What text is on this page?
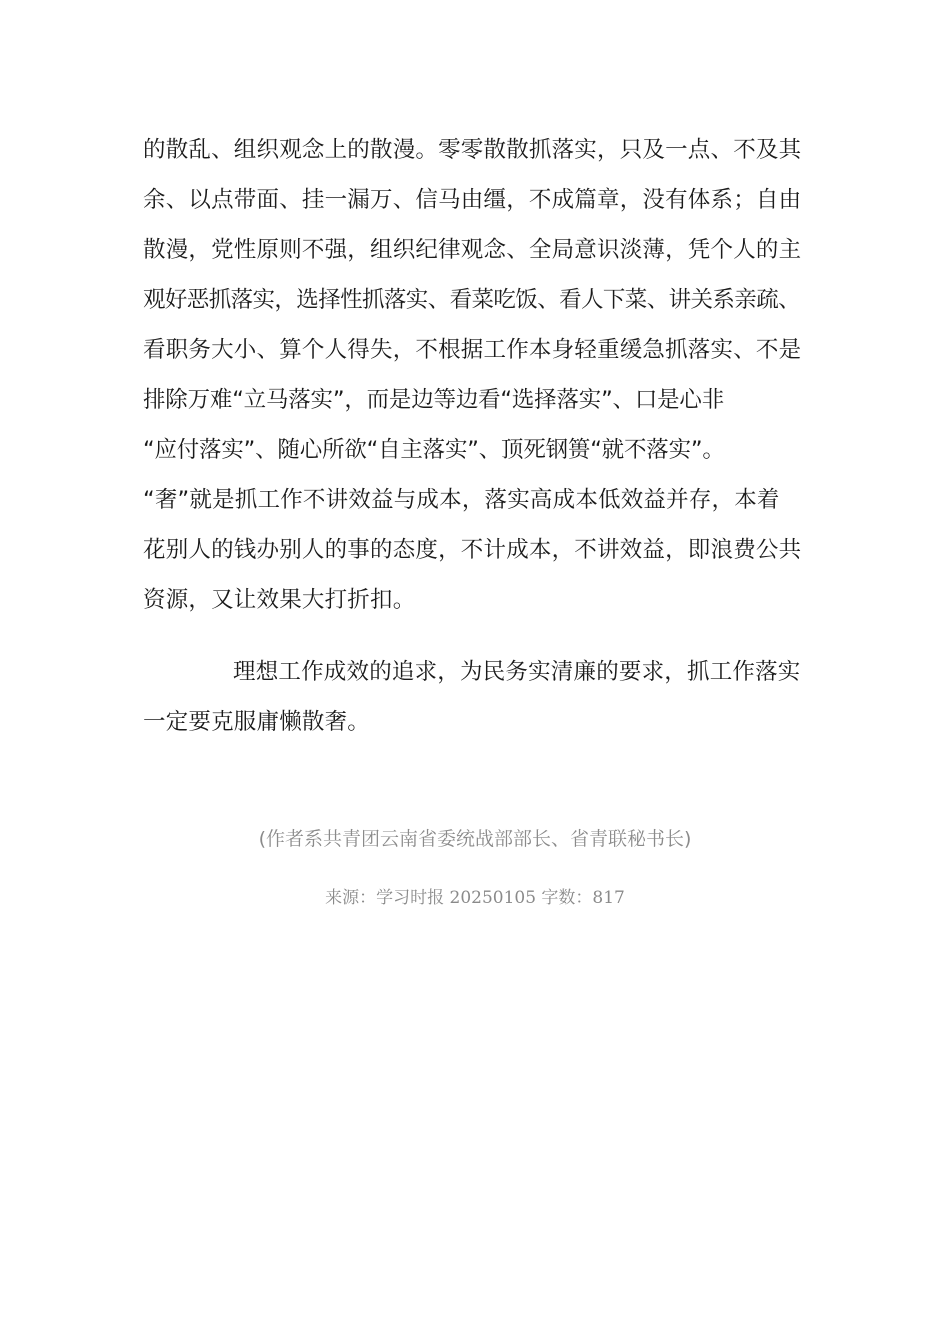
的散乱、组织观念上的散漫。零零散散抓落实，只及一点、不及其
余、以点带面、挂一漏万、信马由缰，不成篇章，没有体系；自由
散漫，党性原则不强，组织纪律观念、全局意识淡薄，凭个人的主
观好恶抓落实，选择性抓落实、看菜吃饭、看人下菜、讲关系亲疏、
看职务大小、算个人得失，不根据工作本身轻重缓急抓落实、不是
排除万难“立马落实”，而是边等边看“选择落实”、口是心非
“应付落实”、随心所欲“自主落实”、顶死钢篑“就不落实”。
“奢”就是抓工作不讲效益与成本，落实高成本低效益并存，本着
花别人的钱办别人的事的态度，不计成本，不讲效益，即浪费公共
资源，又让效果大打折扣。
理想工作成效的追求，为民务实清廉的要求，抓工作落实
一定要克服庸懒散奢。
(作者系共青团云南省委统战部部长、省青联秘书长)
来源：学习时报 20250105 字数：817
